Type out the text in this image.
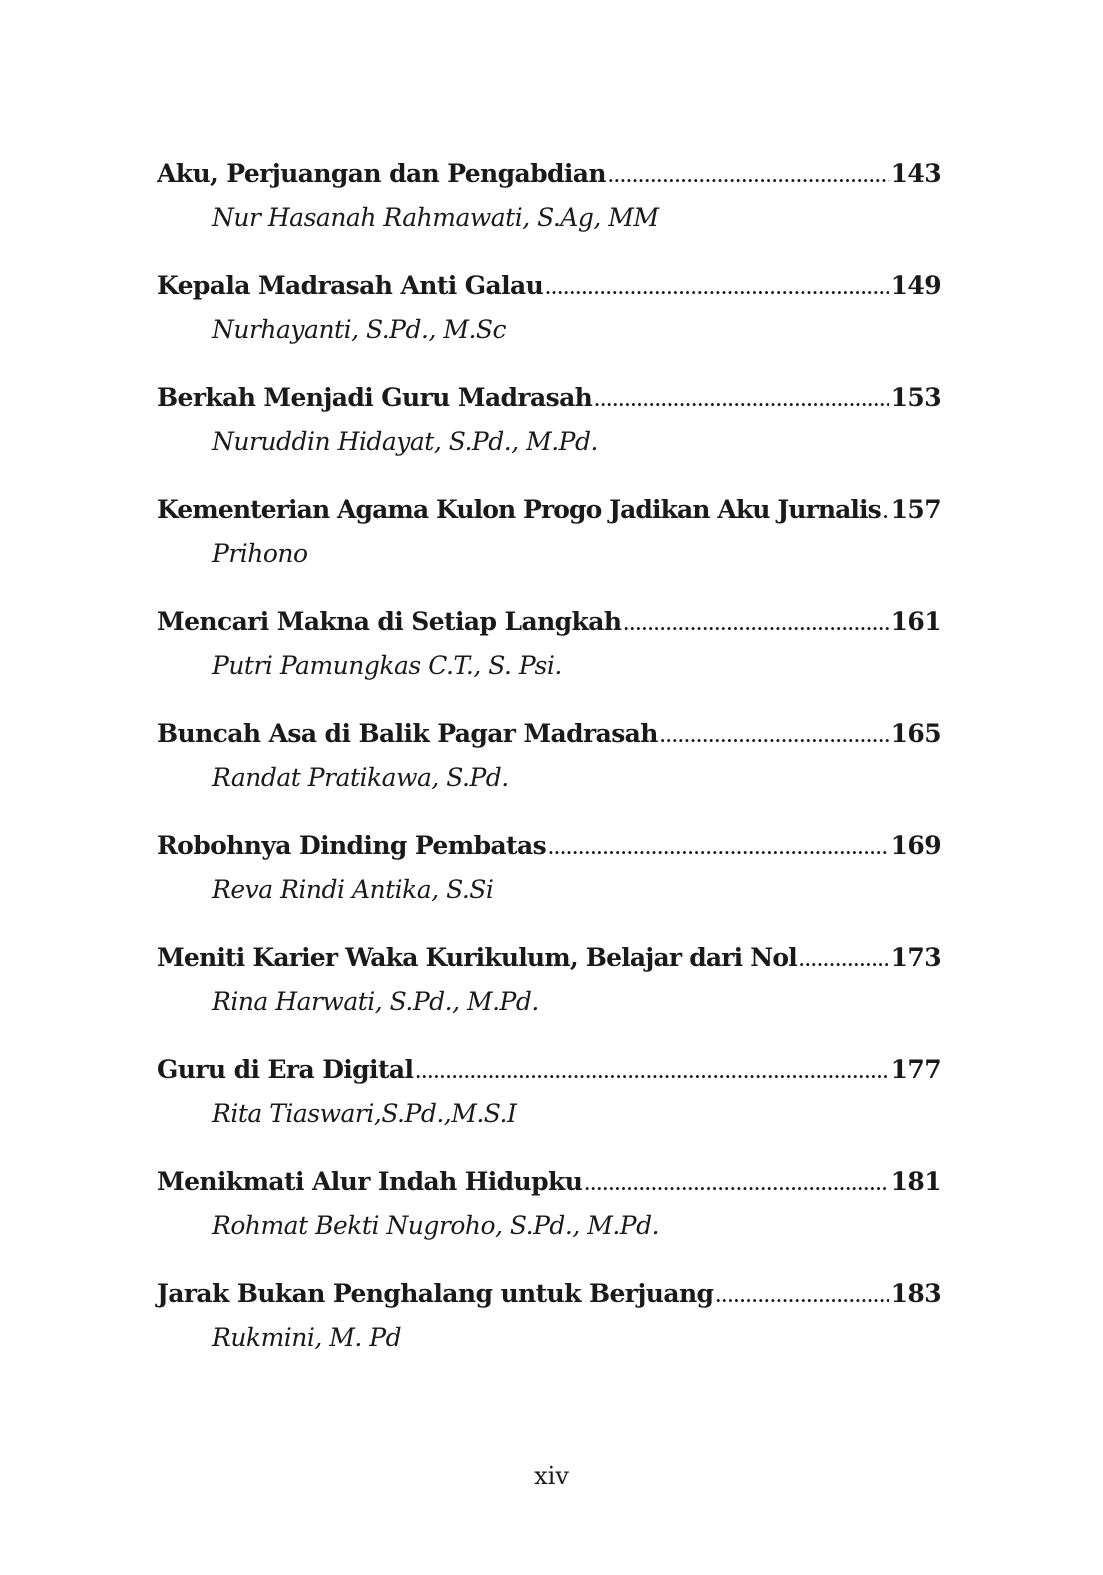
Aku, Perjuangan dan Pengabdian .....	143
Nur Hasanah Rahmawati, S.Ag, MM
Kepala Madrasah Anti Galau .....	149
Nurhayanti, S.Pd., M.Sc
Berkah Menjadi Guru Madrasah .....	153
Nuruddin Hidayat, S.Pd., M.Pd.
Kementerian Agama Kulon Progo Jadikan Aku Jurnalis ..... 157
Prihono
Mencari Makna di Setiap Langkah .....	161
Putri Pamungkas C.T., S. Psi.
Buncah Asa di Balik Pagar Madrasah .....	165
Randat Pratikawa, S.Pd.
Robohnya Dinding Pembatas .....	169
Reva Rindi Antika, S.Si
Meniti Karier Waka Kurikulum, Belajar dari Nol .....	173
Rina Harwati, S.Pd., M.Pd.
Guru di Era Digital .....	177
Rita Tiaswari,S.Pd.,M.S.I
Menikmati Alur Indah Hidupku .....	181
Rohmat Bekti Nugroho, S.Pd., M.Pd.
Jarak Bukan Penghalang untuk Berjuang .....	183
Rukmini, M. Pd
xiv
